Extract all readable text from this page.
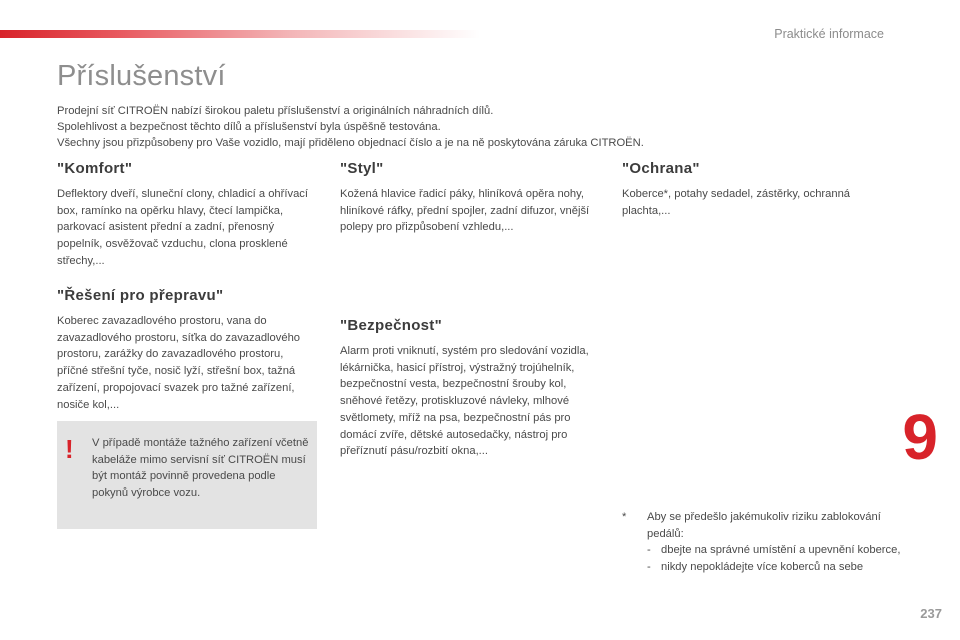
Praktické informace
Příslušenství

Prodejní síť CITROËN nabízí širokou paletu příslušenství a originálních náhradních dílů.

Spolehlivost a bezpečnost těchto dílů a příslušenství byla úspěšně testována.

Všechny jsou přizpůsobeny pro Vaše vozidlo, mají přiděleno objednací číslo a je na ně poskytována záruka CITROËN.

"Komfort"

Deflektory dveří, sluneční clony, chladicí a ohřívací box, ramínko na opěrku hlavy, čtecí lampička, parkovací asistent přední a zadní, přenosný popelník, osvěžovač vzduchu, clona prosklené střechy,...

"Řešení pro přepravu"

Koberec zavazadlového prostoru, vana do zavazadlového prostoru, síťka do zavazadlového prostoru, zarážky do zavazadlového prostoru, příčné střešní tyče, nosič lyží, střešní box, tažná zařízení, propojovací svazek pro tažné zařízení, nosiče kol,...

"Styl"

Kožená hlavice řadicí páky, hliníková opěra nohy, hliníkové ráfky, přední spojler, zadní difuzor, vnější polepy pro přizpůsobení vzhledu,...

"Bezpečnost"

Alarm proti vniknutí, systém pro sledování vozidla, lékárnička, hasicí přístroj, výstražný trojúhelník, bezpečnostní vesta, bezpečnostní šrouby kol, sněhové řetězy, protiskluzové návleky, mlhové světlomety, mříž na psa, bezpečnostní pás pro domácí zvíře, dětské autosedačky, nástroj pro přeříznutí pásu/rozbití okna,...

"Ochrana"

Koberce*, potahy sedadel, zástěrky, ochranná plachta,...

! V případě montáže tažného zařízení včetně kabeláže mimo servisní síť CITROËN musí být montáž povinně provedena podle pokynů výrobce vozu.

9
* Aby se předešlo jakémukoliv riziku zablokování pedálů:
- dbejte na správné umístění a upevnění koberce,
- nikdy nepokládejte více koberců na sebe
237
